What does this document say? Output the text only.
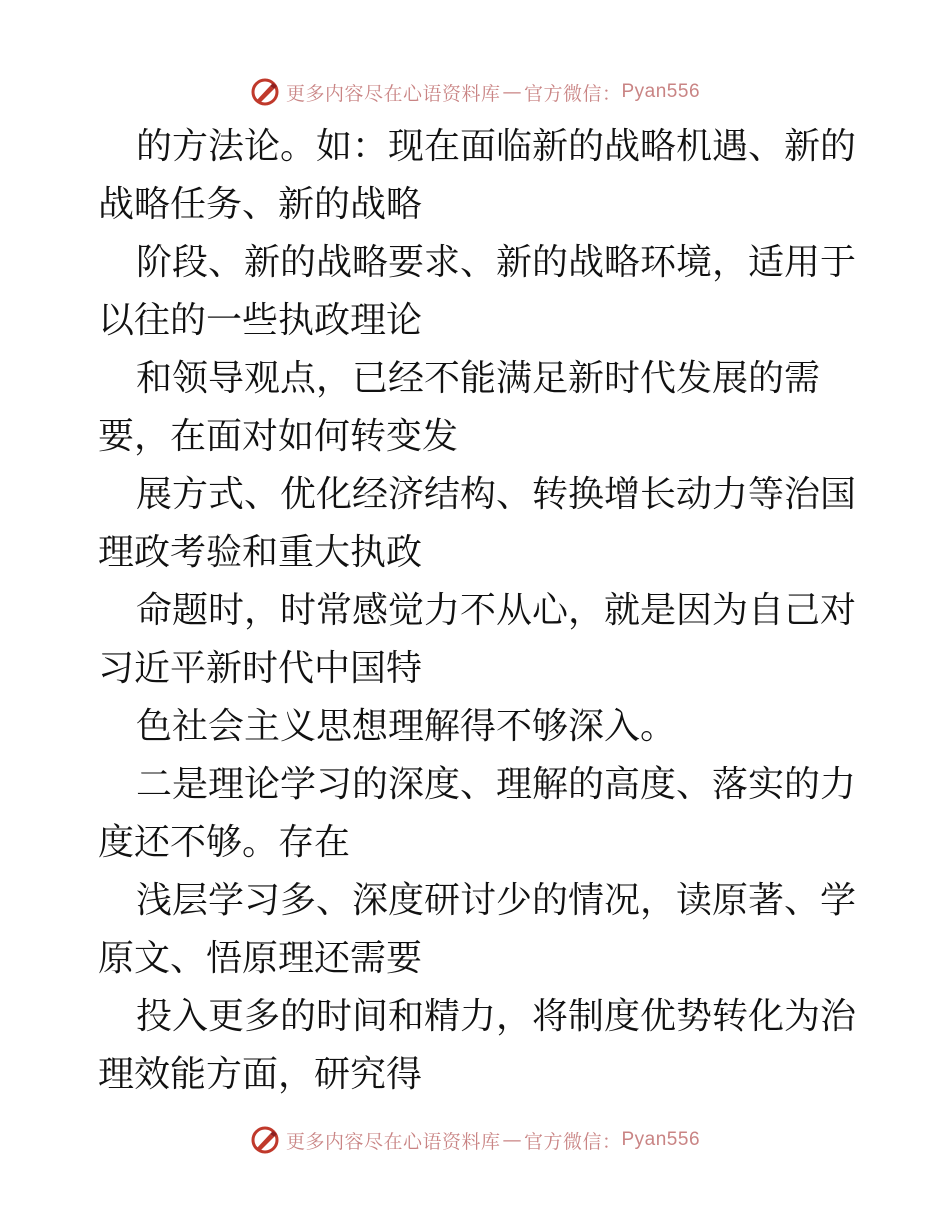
更多内容尽在心语资料库 — 官方微信： Pyan556

的方法论。如：现在面临新的战略机遇、新的战略任务、新的战略

阶段、新的战略要求、新的战略环境，适用于以往的一些执政理论

和领导观点，已经不能满足新时代发展的需要，在面对如何转变发

展方式、优化经济结构、转换增长动力等治国理政考验和重大执政

命题时，时常感觉力不从心，就是因为自己对习近平新时代中国特

色社会主义思想理解得不够深入。

二是理论学习的深度、理解的高度、落实的力度还不够。存在

浅层学习多、深度研讨少的情况，读原著、学原文、悟原理还需要

投入更多的时间和精力，将制度优势转化为治理效能方面，研究得

更多内容尽在心语资料库 — 官方微信： Pyan556
